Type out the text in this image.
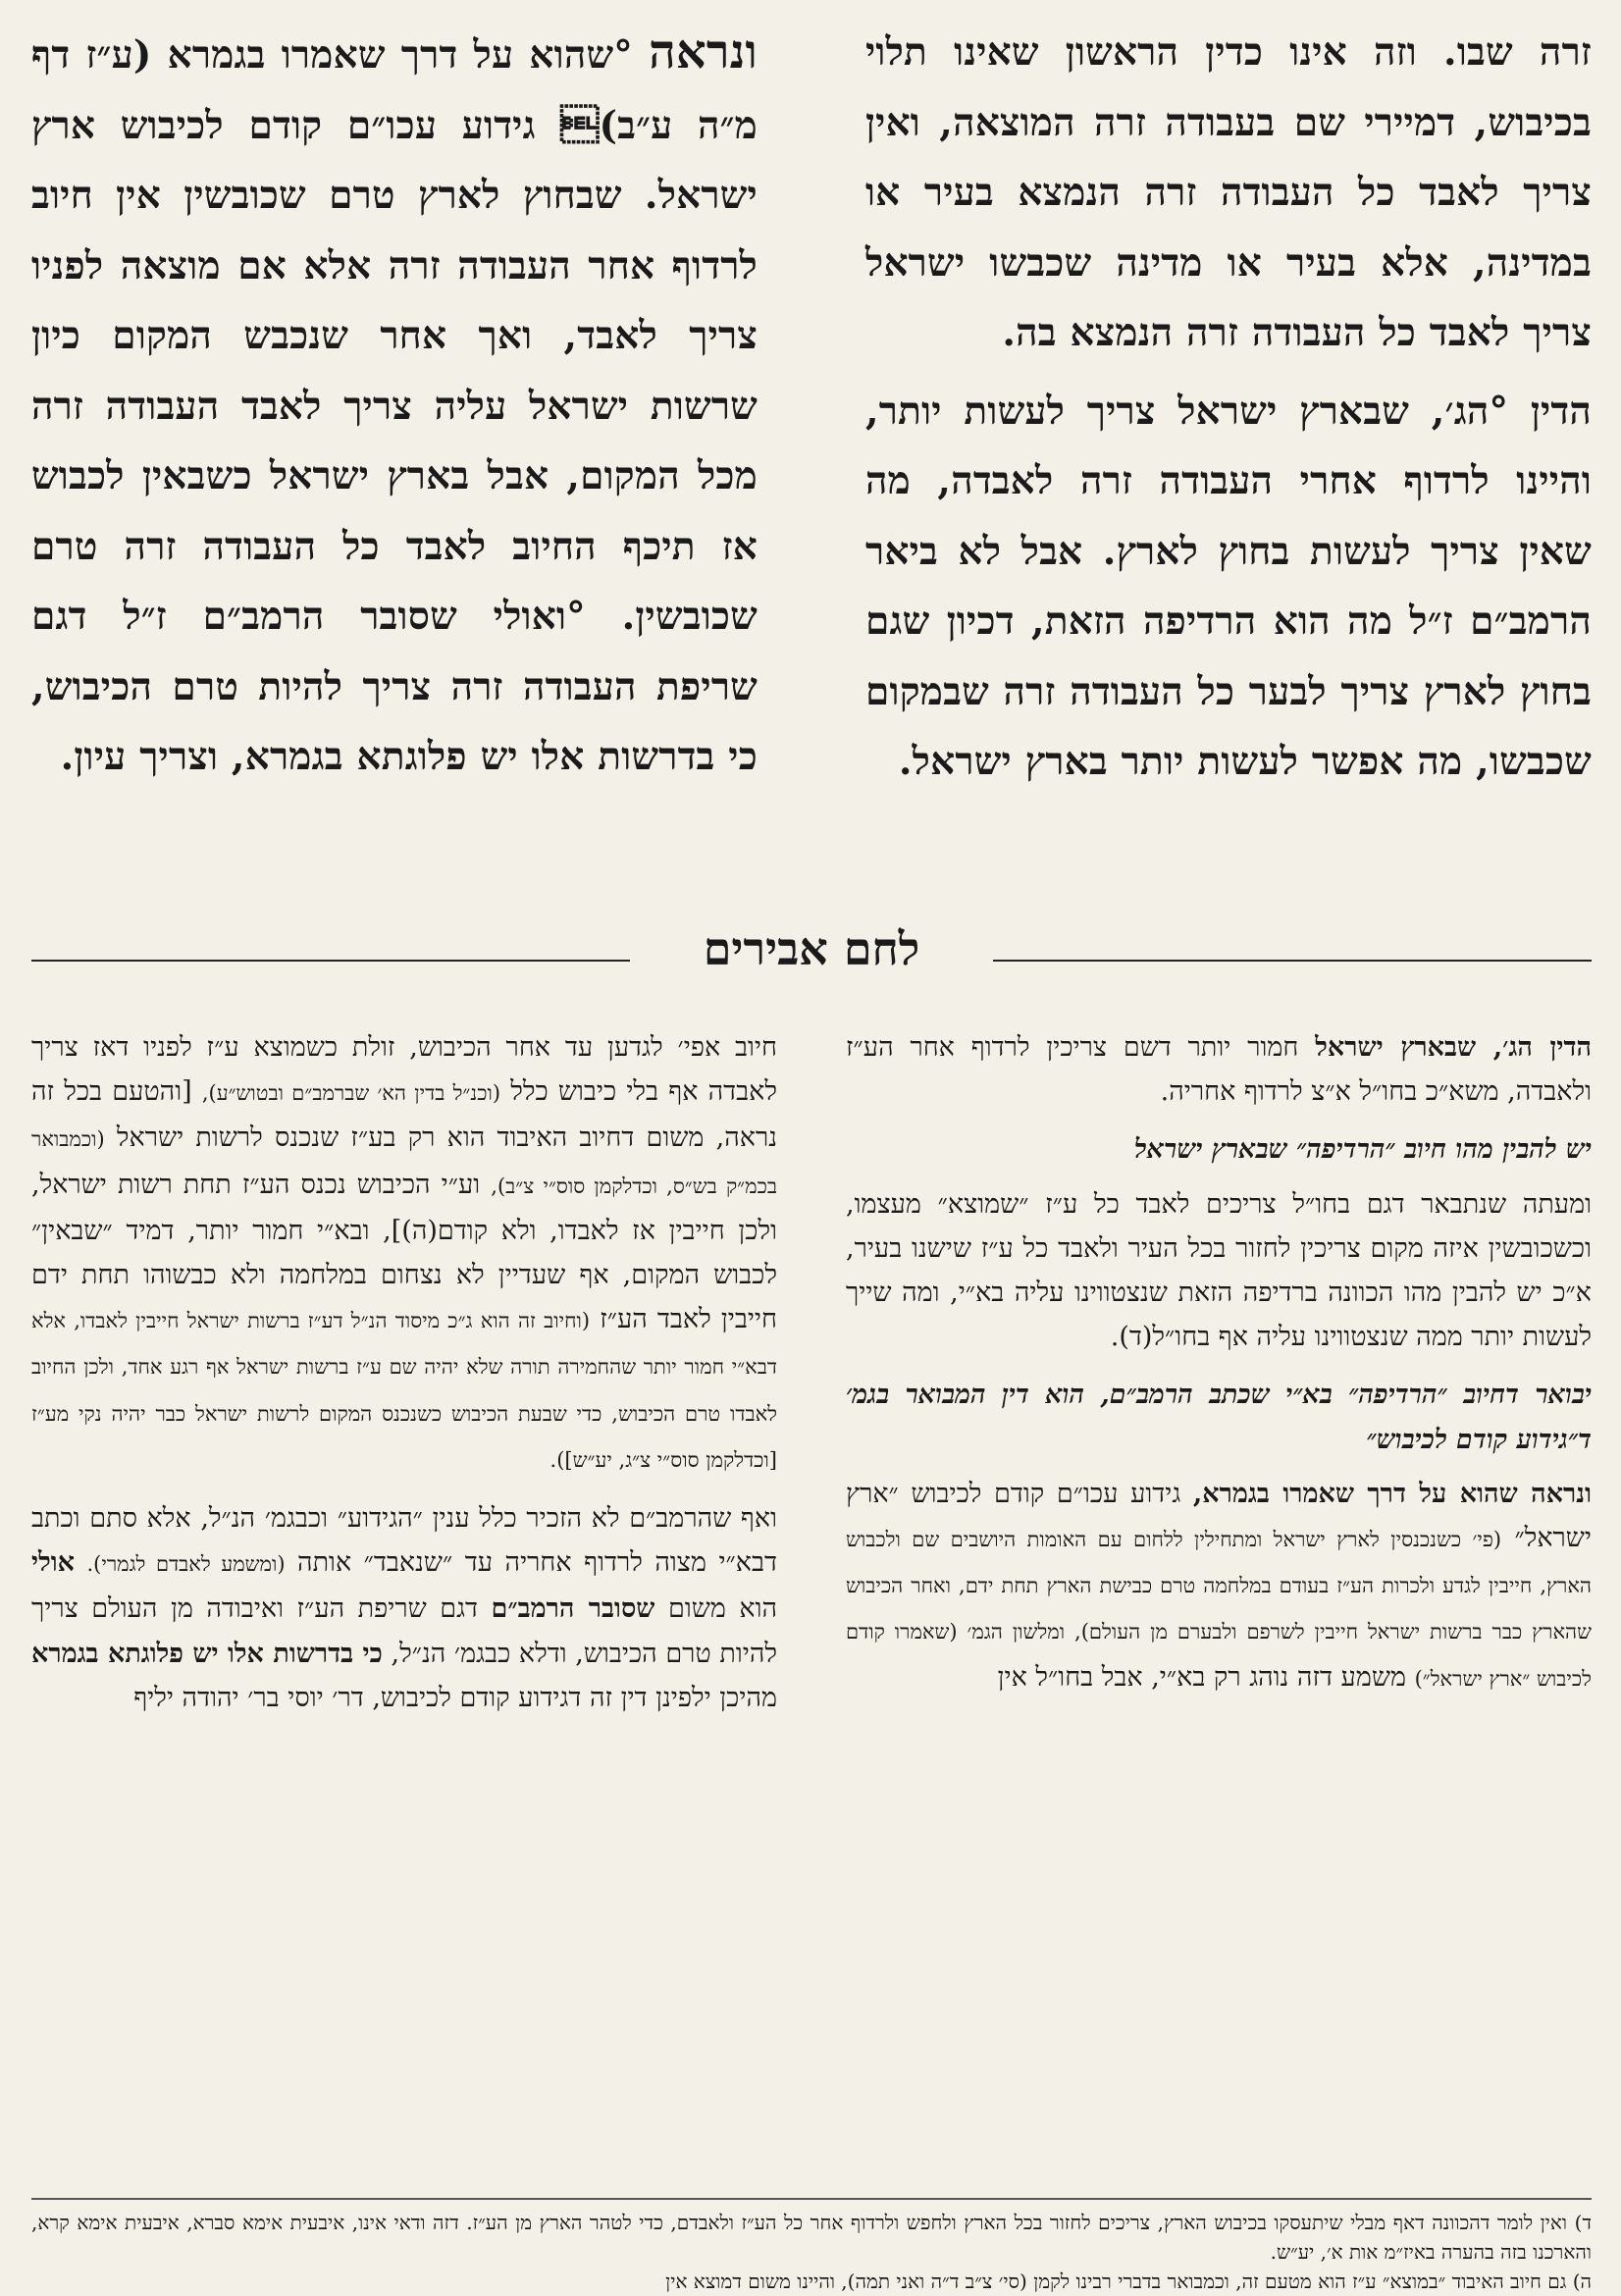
זרה שבו. וזה אינו כדין הראשון שאינו תלוי בכיבוש, דמיירי שם בעבודה זרה המוצאה, ואין צריך לאבד כל העבודה זרה הנמצא בעיר או במדינה, אלא בעיר או מדינה שכבשו ישראל צריך לאבד כל העבודה זרה הנמצא בה.

הדין °הג׳, שבארץ ישראל צריך לעשות יותר, והיינו לרדוף אחרי העבודה זרה לאבדה, מה שאין צריך לעשות בחוץ לארץ. אבל לא ביאר הרמב״ם ז״ל מה הוא הרדיפה הזאת, דכיון שגם בחוץ לארץ צריך לבער כל העבודה זרה שבמקום שכבשו, מה אפשר לעשות יותר בארץ ישראל.

ונראה °שהוא על דרך שאמרו בגמרא (ע״ז דף מ״ה ע״ב) גידוע עכו״ם קודם לכיבוש ארץ ישראל. שבחוץ לארץ טרם שכובשין אין חיוב לרדוף אחר העבודה זרה אלא אם מוצאה לפניו צריך לאבד, ואך אחר שנכבש המקום כיון שרשות ישראל עליה צריך לאבד העבודה זרה מכל המקום, אבל בארץ ישראל כשבאין לכבוש אז תיכף החיוב לאבד כל העבודה זרה טרם שכובשין. °ואולי שסובר הרמב״ם ז״ל דגם שריפת העבודה זרה צריך להיות טרם הכיבוש, כי בדרשות אלו יש פלוגתא בגמרא, וצריך עיון.

לחם אבירים

הדין הג׳, שבארץ ישראל חמור יותר דשם צריכין לרדוף אחר הע״ז ולאבדה, משא״כ בחו״ל א״צ לרדוף אחריה.

יש להבין מהו חיוב ״הרדיפה״ שבארץ ישראל

ומעתה שנתבאר דגם בחו״ל צריכים לאבד כל ע״ז ״שמוצא״ מעצמו, וכשכובשין איזה מקום צריכין לחזור בכל העיר ולאבד כל ע״ז שישנו בעיר, א״כ יש להבין מהו הכוונה ברדיפה הזאת שנצטווינו עליה בא״י, ומה שייך לעשות יותר ממה שנצטווינו עליה אף בחו״ל(ד).

יבואר דחיוב ״הרדיפה״ בא״י שכתב הרמב״ם, הוא דין המבואר בגמ׳ ד״גידוע קודם לכיבוש״

ונראה שהוא על דרך שאמרו בגמרא, גידוע עכו״ם קודם לכיבוש ״ארץ ישראל״ (פי׳ כשנכנסין לארץ ישראל ומתחילין ללחום עם האומות היושבים שם ולכבוש הארץ, חייבין לגדע ולכרות הע״ז בעודם במלחמה טרם כבישת הארץ תחת ידם, ואחר הכיבוש שהארץ כבר ברשות ישראל חייבין לשרפם ולבערם מן העולם), ומלשון הגמ׳ (שאמרו קודם לכיבוש ״ארץ ישראל״) משמע דזה נוהג רק בא״י, אבל בחו״ל אין

חיוב אפי׳ לגדען עד אחר הכיבוש, זולת כשמוצא ע״ז לפניו דאז צריך לאבדה אף בלי כיבוש כלל (וכנ״ל בדין הא׳ שברמב״ם ובטוש״ע), [והטעם בכל זה נראה, משום דחיוב האיבוד הוא רק בע״ז שנכנס לרשות ישראל (וכמבואר בכמ״ק בש״ס, וכדלקמן סוס״י צ״ב), וע״י הכיבוש נכנס הע״ז תחת רשות ישראל, ולכן חייבין אז לאבדו, ולא קודם(ה)], ובא״י חמור יותר, דמיד ״שבאין״ לכבוש המקום, אף שעדיין לא נצחום במלחמה ולא כבשוהו תחת ידם חייבין לאבד הע״ז (וחיוב זה הוא ג״כ מיסוד הנ״ל דע״ז ברשות ישראל חייבין לאבדו, אלא דבא״י חמור יותר שהחמירה תורה שלא יהיה שם ע״ז ברשות ישראל אף רגע אחד, ולכן החיוב לאבדו טרם הכיבוש, כדי שבעת הכיבוש כשנכנס המקום לרשות ישראל כבר יהיה נקי מע״ז [וכדלקמן סוס״י צ״ג, יע״ש]).

ואף שהרמב״ם לא הזכיר כלל ענין ״הגידוע״ וכבגמ׳ הנ״ל, אלא סתם וכתב דבא״י מצוה לרדוף אחריה עד ״שנאבד״ אותה (ומשמע לאבדם לגמרי). אולי הוא משום שסובר הרמב״ם דגם שריפת הע״ז ואיבודה מן העולם צריך להיות טרם הכיבוש, ודלא כבגמ׳ הנ״ל, כי בדרשות אלו יש פלוגתא בגמרא מהיכן ילפינן דין זה דגידוע קודם לכיבוש, דר׳ יוסי בר׳ יהודה יליף

ד) ואין לומר דהכוונה דאף מבלי שיתעסקו בכיבוש הארץ, צריכים לחזור בכל הארץ ולחפש ולרדוף אחר כל הע״ז ולאבדם, כדי לטהר הארץ מן הע״ז. דזה ודאי אינו, איבעית אימא סברא, איבעית אימא קרא, והארכנו בזה בהערה באיז״מ אות א׳, יע״ש.

ה) גם חיוב האיבוד ״במוצא״ ע״ז הוא מטעם זה, וכמבואר בדברי רבינו לקמן (סי׳ צ״ב ד״ה ואני תמה), והיינו משום דמוצא אין
